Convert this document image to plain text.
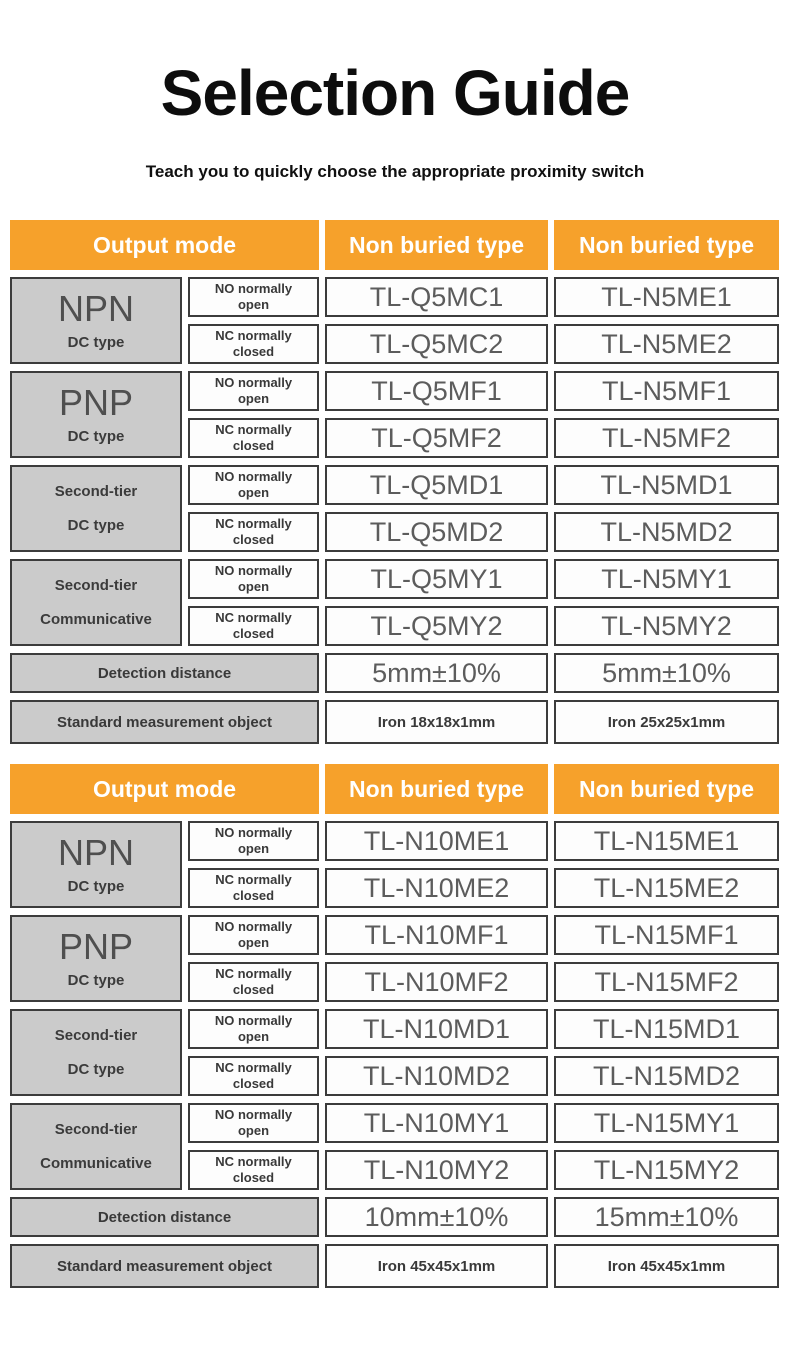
Selection Guide
Teach you to quickly choose the appropriate proximity switch
Output mode	Non buried type	Non buried type
NPN
DC type
NO normally open	TL-Q5MC1	TL-N5ME1
NC normally closed	TL-Q5MC2	TL-N5ME2
PNP
DC type
NO normally open	TL-Q5MF1	TL-N5MF1
NC normally closed	TL-Q5MF2	TL-N5MF2
Second-tier
DC type
NO normally open	TL-Q5MD1	TL-N5MD1
NC normally closed	TL-Q5MD2	TL-N5MD2
Second-tier
Communicative
NO normally open	TL-Q5MY1	TL-N5MY1
NC normally closed	TL-Q5MY2	TL-N5MY2
Detection distance	5mm±10%	5mm±10%
Standard measurement object	Iron 18x18x1mm	Iron 25x25x1mm
Output mode	Non buried type	Non buried type
NPN
DC type
NO normally open	TL-N10ME1	TL-N15ME1
NC normally closed	TL-N10ME2	TL-N15ME2
PNP
DC type
NO normally open	TL-N10MF1	TL-N15MF1
NC normally closed	TL-N10MF2	TL-N15MF2
Second-tier
DC type
NO normally open	TL-N10MD1	TL-N15MD1
NC normally closed	TL-N10MD2	TL-N15MD2
Second-tier
Communicative
NO normally open	TL-N10MY1	TL-N15MY1
NC normally closed	TL-N10MY2	TL-N15MY2
Detection distance	10mm±10%	15mm±10%
Standard measurement object	Iron 45x45x1mm	Iron 45x45x1mm
